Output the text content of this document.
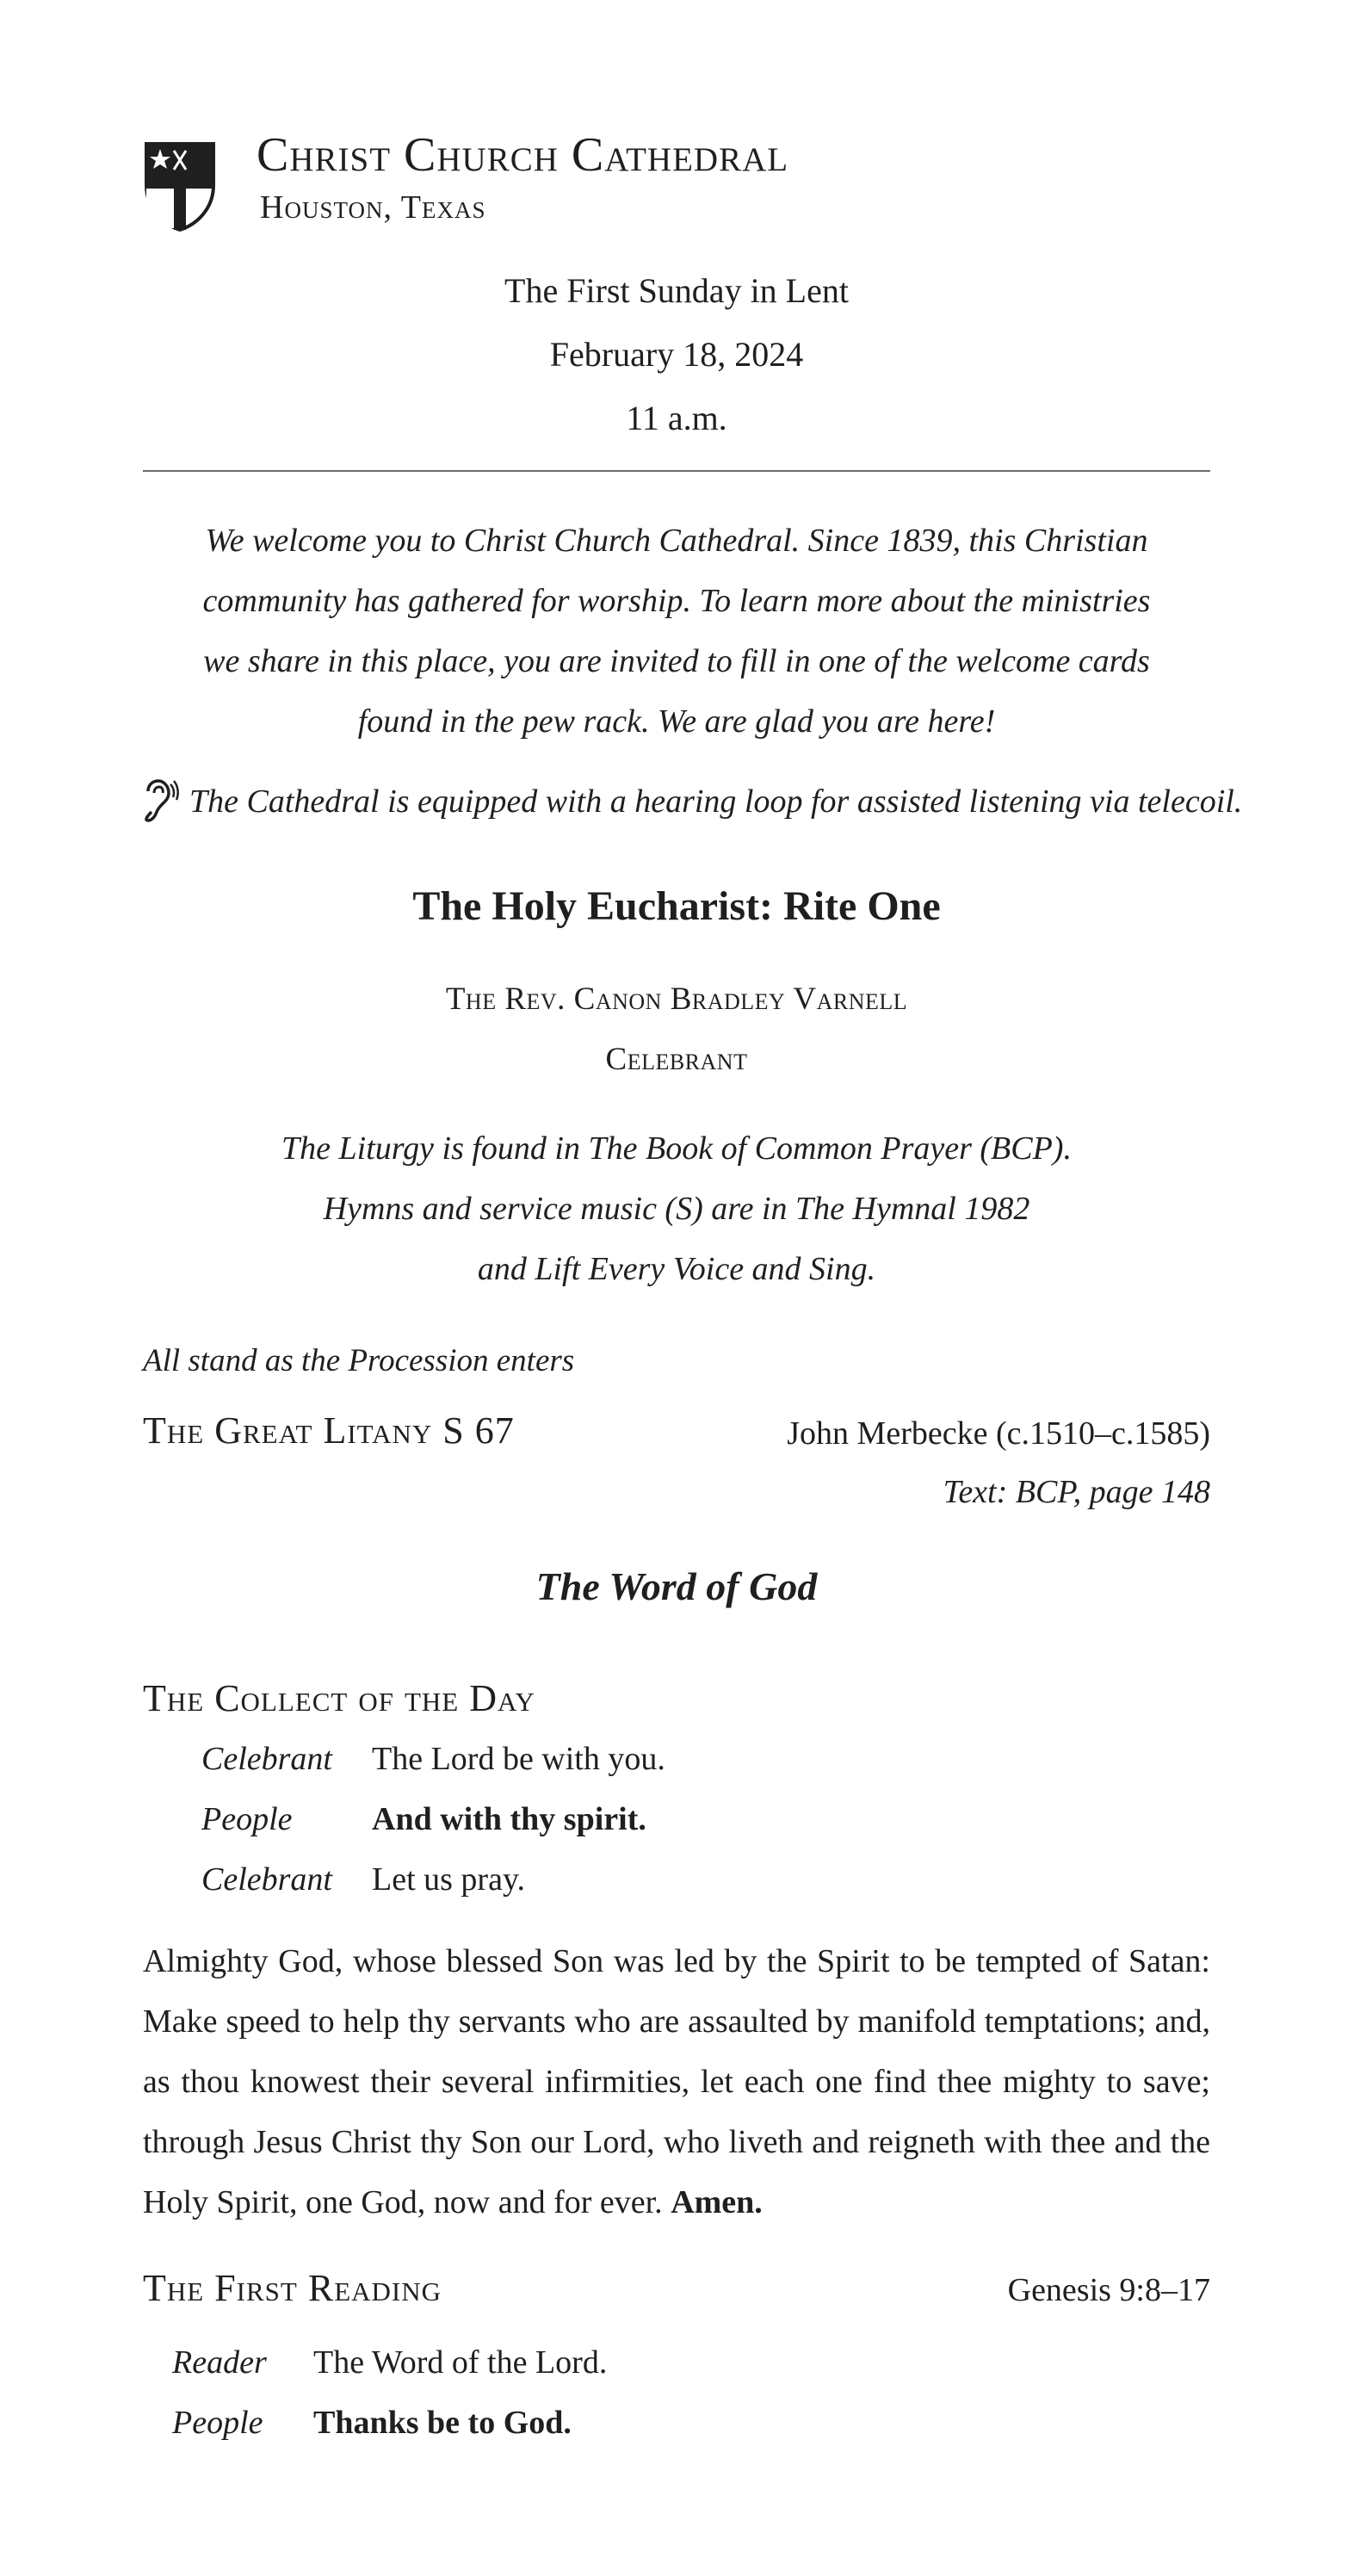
Christ Church Cathedral
Houston, Texas
The First Sunday in Lent
February 18, 2024
11 a.m.
We welcome you to Christ Church Cathedral. Since 1839, this Christian community has gathered for worship. To learn more about the ministries we share in this place, you are invited to fill in one of the welcome cards found in the pew rack. We are glad you are here!
The Cathedral is equipped with a hearing loop for assisted listening via telecoil.
The Holy Eucharist: Rite One
The Rev. Canon Bradley Varnell
Celebrant
The Liturgy is found in The Book of Common Prayer (BCP).
Hymns and service music (S) are in The Hymnal 1982
and Lift Every Voice and Sing.
All stand as the Procession enters
The Great Litany S 67	John Merbecke (c.1510–c.1585)
Text: BCP, page 148
The Word of God
The Collect of the Day
Celebrant The Lord be with you.
People And with thy spirit.
Celebrant Let us pray.
Almighty God, whose blessed Son was led by the Spirit to be tempted of Satan: Make speed to help thy servants who are assaulted by manifold temptations; and, as thou knowest their several infirmities, let each one find thee mighty to save; through Jesus Christ thy Son our Lord, who liveth and reigneth with thee and the Holy Spirit, one God, now and for ever. Amen.
The First Reading	Genesis 9:8–17
Reader The Word of the Lord.
People Thanks be to God.
